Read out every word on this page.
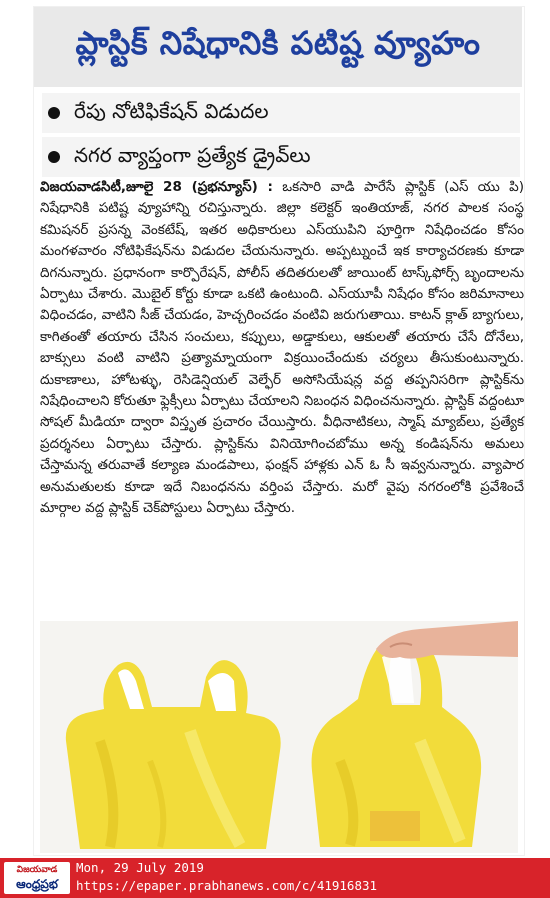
ప్లాస్టిక్ నిషేధానికి పటిష్ట వ్యూహం
రేపు నోటిఫికేషన్ విడుదల
నగర వ్యాప్తంగా ప్రత్యేక డ్రైవ్‌లు
విజయవాడసిటీ,జూలై 28 (ప్రభన్యూస్) : ఒకసారి వాడి పారేసే ప్లాస్టిక్ (ఎస్ యు పి) నిషేధానికి పటిష్ట వ్యూహాన్ని రచిస్తున్నారు. జిల్లా కలెక్టర్ ఇంతియాజ్, నగర పాలక సంస్థ కమిషనర్ ప్రసన్న వెంకటేష్, ఇతర అధికారులు ఎస్‌యుపిని పూర్తిగా నిషేధించడం కోసం మంగళవారం నోటిఫికేషన్‌ను విడుదల చేయనున్నారు. అప్పట్నుంచే ఇక కార్యాచరణకు కూడా దిగనున్నారు. ప్రధానంగా కార్పొరేషన్, పోలీస్ తదితరులతో జాయింట్ టాస్క్‌ఫోర్స్ బృందాలను ఏర్పాటు చేశారు. మొబైల్ కోర్టు కూడా ఒకటి ఉంటుంది. ఎస్‌యూపీ నిషేధం కోసం జరిమానాలు విధించడం, వాటిని సీజ్ చేయడం, హెచ్చరించడం వంటివి జరుగుతాయి. కాటన్ క్లాత్ బ్యాగులు, కాగితంతో తయారు చేసిన సంచులు, కప్పులు, అడ్డాకులు, ఆకులతో తయారు చేసే దోనేలు, బాక్సులు వంటి వాటిని ప్రత్యామ్నాయంగా విక్రయించేందుకు చర్యలు తీసుకుంటున్నారు. దుకాణాలు, హోటళ్ళు, రెసిడెన్షియల్ వెల్ఫేర్ అసోసియేషన్ల వద్ద తప్పనిసరిగా ప్లాస్టిక్‌ను నిషేధించాలని కోరుతూ ఫ్లెక్సీలు ఏర్పాటు చేయాలని నిబంధన విధించనున్నారు. ప్లాస్టిక్ వద్దంటూ సోషల్ మీడియా ద్వారా విస్తృత ప్రచారం చేయిస్తారు. వీధినాటికలు, స్మాష్ మ్యాబ్‌లు, ప్రత్యేక ప్రదర్శనలు ఏర్పాటు చేస్తారు. ప్లాస్టిక్‌ను వినియోగించబోము అన్న కండిషన్‌ను అమలు చేస్తామన్న తరువాతే కల్యాణ మండపాలు, ఫంక్షన్ హాళ్లకు ఎన్ ఓ సీ ఇవ్వనున్నారు. వ్యాపార అనుమతులకు కూడా ఇదే నిబంధనను వర్తింప చేస్తారు. మరో వైపు నగరంలోకి ప్రవేశించే మార్గాల వద్ద ప్లాస్టిక్ చెక్‌పోస్టులు ఏర్పాటు చేస్తారు.
విజయవాడ
ఆంధ్రప్రభ
Mon, 29 July 2019
https://epaper.prabhanews.com/c/41916831
